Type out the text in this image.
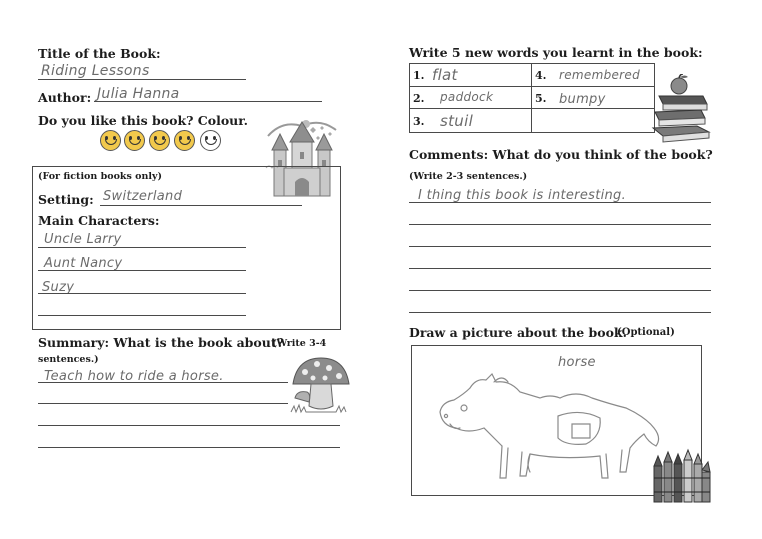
Title of the Book:
Riding Lessons
Author: Julia Hanna
Do you like this book? Colour.
(For fiction books only)
Setting: Switzerland
Main Characters:
Uncle Larry
Aunt Nancy
Suzy
Summary: What is the book about?
(Write 3-4
sentences.)
Teach how to ride a horse.
Write 5 new words you learnt in the book:
1. flat
2. paddock
3. stuil
4. remembered
5. bumpy
Comments: What do you think of the book?
(Write 2-3 sentences.)
I thing this book is interesting.
Draw a picture about the book.
(Optional)
horse
